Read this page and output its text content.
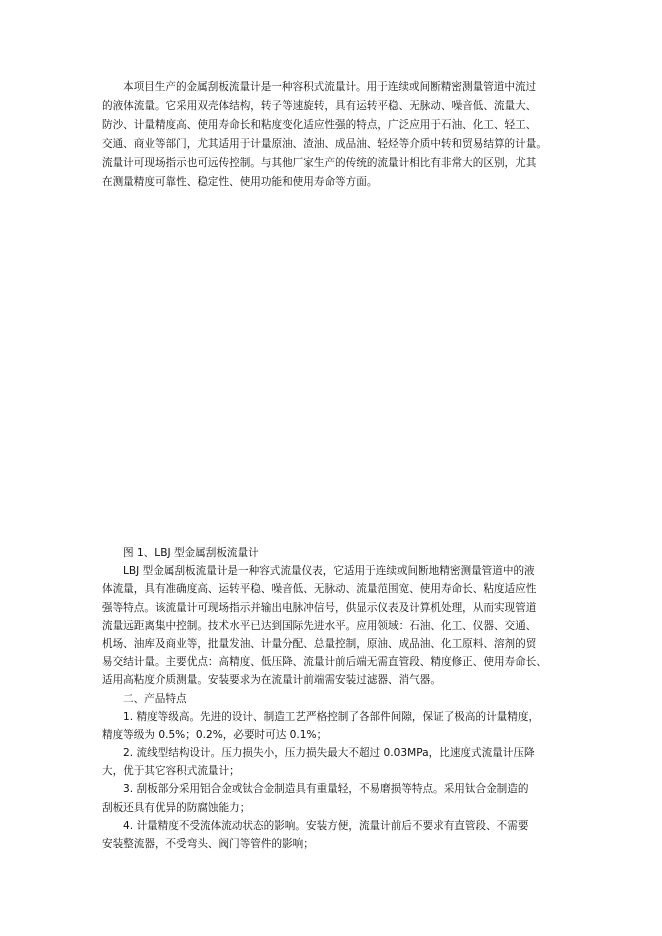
本项目生产的金属刮板流量计是一种容积式流量计。用于连续或间断精密测量管道中流过
的液体流量。它采用双壳体结构，转子等速旋转，具有运转平稳、无脉动、噪音低、流量大、
防沙、计量精度高、使用寿命长和粘度变化适应性强的特点，广泛应用于石油、化工、轻工、
交通、商业等部门，尤其适用于计量原油、渣油、成品油、轻烃等介质中转和贸易结算的计量。
流量计可现场指示也可远传控制。与其他厂家生产的传统的流量计相比有非常大的区别，尤其
在测量精度可靠性、稳定性、使用功能和使用寿命等方面。
图 1、LBJ 型金属刮板流量计
LBJ 型金属刮板流量计是一种容式流量仪表，它适用于连续或间断地精密测量管道中的液
体流量，具有准确度高、运转平稳、噪音低、无脉动、流量范围宽、使用寿命长、粘度适应性
强等特点。该流量计可现场指示并输出电脉冲信号，供显示仪表及计算机处理，从而实现管道
流量远距离集中控制。技术水平已达到国际先进水平。应用领域：石油、化工、仪器、交通、
机场、油库及商业等，批量发油、计量分配、总量控制，原油、成品油、化工原料、溶剂的贸
易交结计量。主要优点：高精度、低压降、流量计前后端无需直管段、精度修正、使用寿命长、
适用高粘度介质测量。安装要求为在流量计前端需安装过滤器、消气器。
二、产品特点
1. 精度等级高。先进的设计、制造工艺严格控制了各部件间隙，保证了极高的计量精度，
精度等级为 0.5%；0.2%，必要时可达 0.1%；
2. 流线型结构设计。压力损失小，压力损失最大不超过 0.03MPa，比速度式流量计压降
大，优于其它容积式流量计；
3. 刮板部分采用铝合金或钛合金制造具有重量轻，不易磨损等特点。采用钛合金制造的
刮板还具有优异的防腐蚀能力；
4. 计量精度不受流体流动状态的影响。安装方便，流量计前后不要求有直管段、不需要
安装整流器，不受弯头、阀门等管件的影响；
